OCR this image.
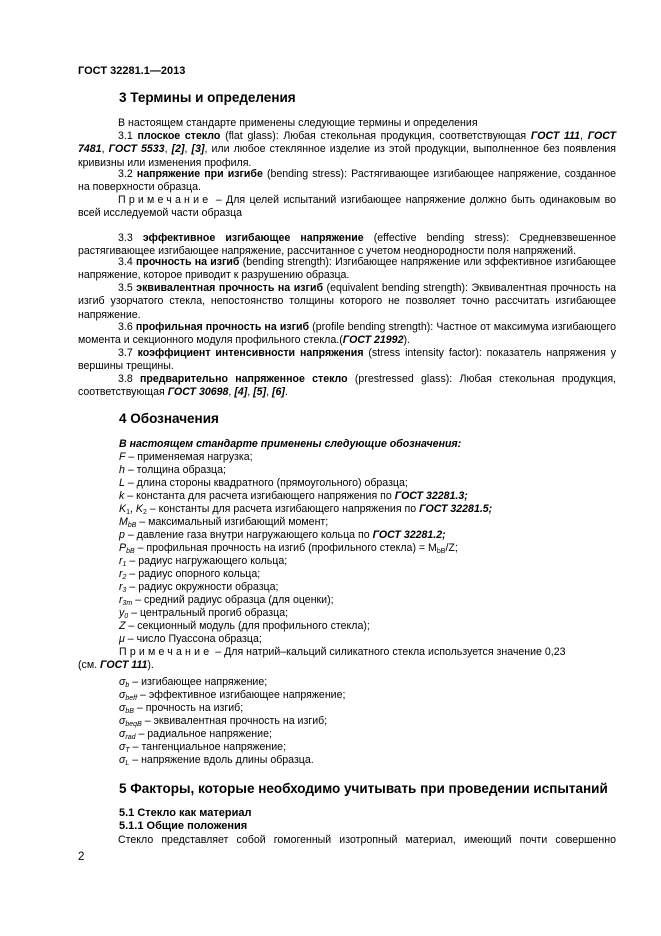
ГОСТ 32281.1—2013
3 Термины и определения
В настоящем стандарте применены следующие термины и определения

3.1 плоское стекло (flat glass): Любая стекольная продукция, соответствующая ГОСТ 111, ГОСТ 7481, ГОСТ 5533, [2], [3], или любое стеклянное изделие из этой продукции, выполненное без появления кривизны или изменения профиля.

3.2 напряжение при изгибе (bending stress): Растягивающее изгибающее напряжение, созданное на поверхности образца.

Примечание – Для целей испытаний изгибающее напряжение должно быть одинаковым во всей исследуемой части образца

3.3 эффективное изгибающее напряжение (effective bending stress): Средневзвешенное растягивающее изгибающее напряжение, рассчитанное с учетом неоднородности поля напряжений.

3.4 прочность на изгиб (bending strength): Изгибающее напряжение или эффективное изгибающее напряжение, которое приводит к разрушению образца.

3.5 эквивалентная прочность на изгиб (equivalent bending strength): Эквивалентная прочность на изгиб узорчатого стекла, непостоянство толщины которого не позволяет точно рассчитать изгибающее напряжение.

3.6 профильная прочность на изгиб (profile bending strength): Частное от максимума изгибающего момента и секционного модуля профильного стекла.(ГОСТ 21992).

3.7 коэффициент интенсивности напряжения (stress intensity factor): показатель напряжения у вершины трещины.

3.8 предварительно напряженное стекло (prestressed glass): Любая стекольная продукция, соответствующая ГОСТ 30698, [4], [5], [6].

4 Обозначения
В настоящем стандарте применены следующие обозначения:
F – применяемая нагрузка;
h – толщина образца;
L – длина стороны квадратного (прямоугольного) образца;
k – константа для расчета изгибающего напряжения по ГОСТ 32281.3;
$K_1$, $K_2$ – константы для расчета изгибающего напряжения по ГОСТ 32281.5;
$M_{bB}$ – максимальный изгибающий момент;
p – давление газа внутри нагружающего кольца по ГОСТ 32281.2;
$P_{bB}$ – профильная прочность на изгиб (профильного стекла) = $M_{bB}/Z$;
$r_1$ – радиус нагружающего кольца;
$r_2$ – радиус опорного кольца;
$r_3$ – радиус окружности образца;
$r_{3m}$ – средний радиус образца (для оценки);
$y_0$ – центральный прогиб образца;
Z – секционный модуль (для профильного стекла);
μ – число Пуассона образца;
Примечание – Для натрий–кальций силикатного стекла используется значение 0,23
(см. ГОСТ 111).
$\sigma_b$ – изгибающее напряжение;
$\sigma_{beff}$ – эффективное изгибающее напряжение;
$\sigma_{bB}$ – прочность на изгиб;
$\sigma_{beqB}$ – эквивалентная прочность на изгиб;
$\sigma_{rad}$ – радиальное напряжение;
$\sigma_T$ – тангенциальное напряжение;
$\sigma_L$ – напряжение вдоль длины образца.
5 Факторы, которые необходимо учитывать при проведении испытаний
5.1 Стекло как материал
5.1.1 Общие положения

Стекло представляет собой гомогенный изотропный материал, имеющий почти совершенно

2
